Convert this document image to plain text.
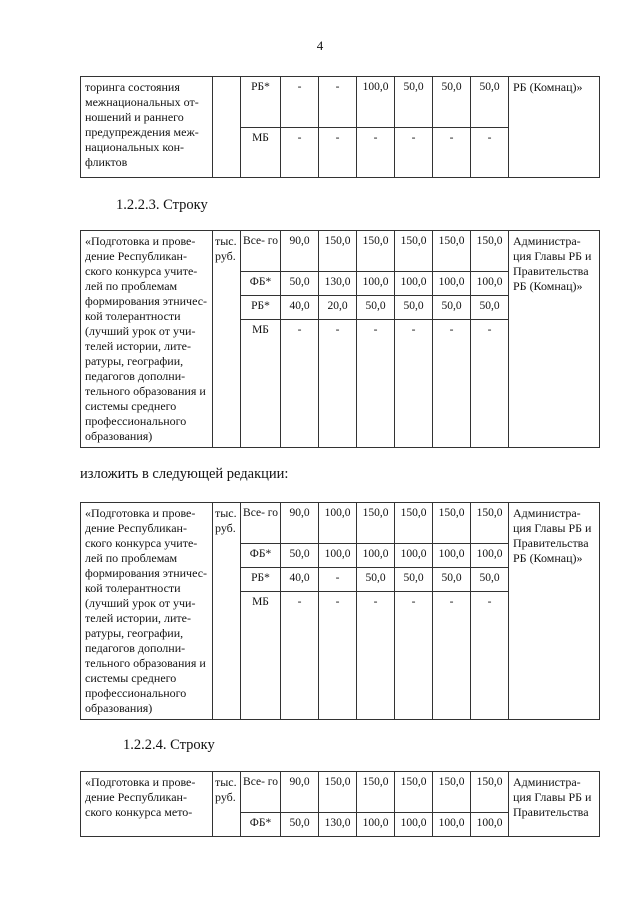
4
торинга состояния межнациональных от- ношений и раннего предупреждения меж- национальных кон- фликтов		РБ*	-	-	100,0	50,0	50,0	50,0	РБ (Комнац)»
		МБ	-	-	-	-	-	-	
1.2.2.3. Строку
«Подготовка и прове- дение Республикан- ского конкурса учите- лей по проблемам формирования этничес- кой толерантности (лучший урок от учи- телей истории, лите- ратуры, географии, педагогов дополни- тельного образования и системы среднего профессионального образования)	тыс. руб.	Все- го	90,0	150,0	150,0	150,0	150,0	150,0	Администра- ция Главы РБ и Правительства РБ (Комнац)»
		ФБ*	50,0	130,0	100,0	100,0	100,0	100,0	
		РБ*	40,0	20,0	50,0	50,0	50,0	50,0	
		МБ	-	-	-	-	-	-	
изложить в следующей редакции:
«Подготовка и прове- дение Республикан- ского конкурса учите- лей по проблемам формирования этничес- кой толерантности (лучший урок от учи- телей истории, лите- ратуры, географии, педагогов дополни- тельного образования и системы среднего профессионального образования)	тыс. руб.	Все- го	90,0	100,0	150,0	150,0	150,0	150,0	Администра- ция Главы РБ и Правительства РБ (Комнац)»
		ФБ*	50,0	100,0	100,0	100,0	100,0	100,0	
		РБ*	40,0	-	50,0	50,0	50,0	50,0	
		МБ	-	-	-	-	-	-	
1.2.2.4. Строку
«Подготовка и прове- дение Республикан- ского конкурса мето-	тыс. руб.	Все- го	90,0	150,0	150,0	150,0	150,0	150,0	Администра- ция Главы РБ и Правительства
		ФБ*	50,0	130,0	100,0	100,0	100,0	100,0	
